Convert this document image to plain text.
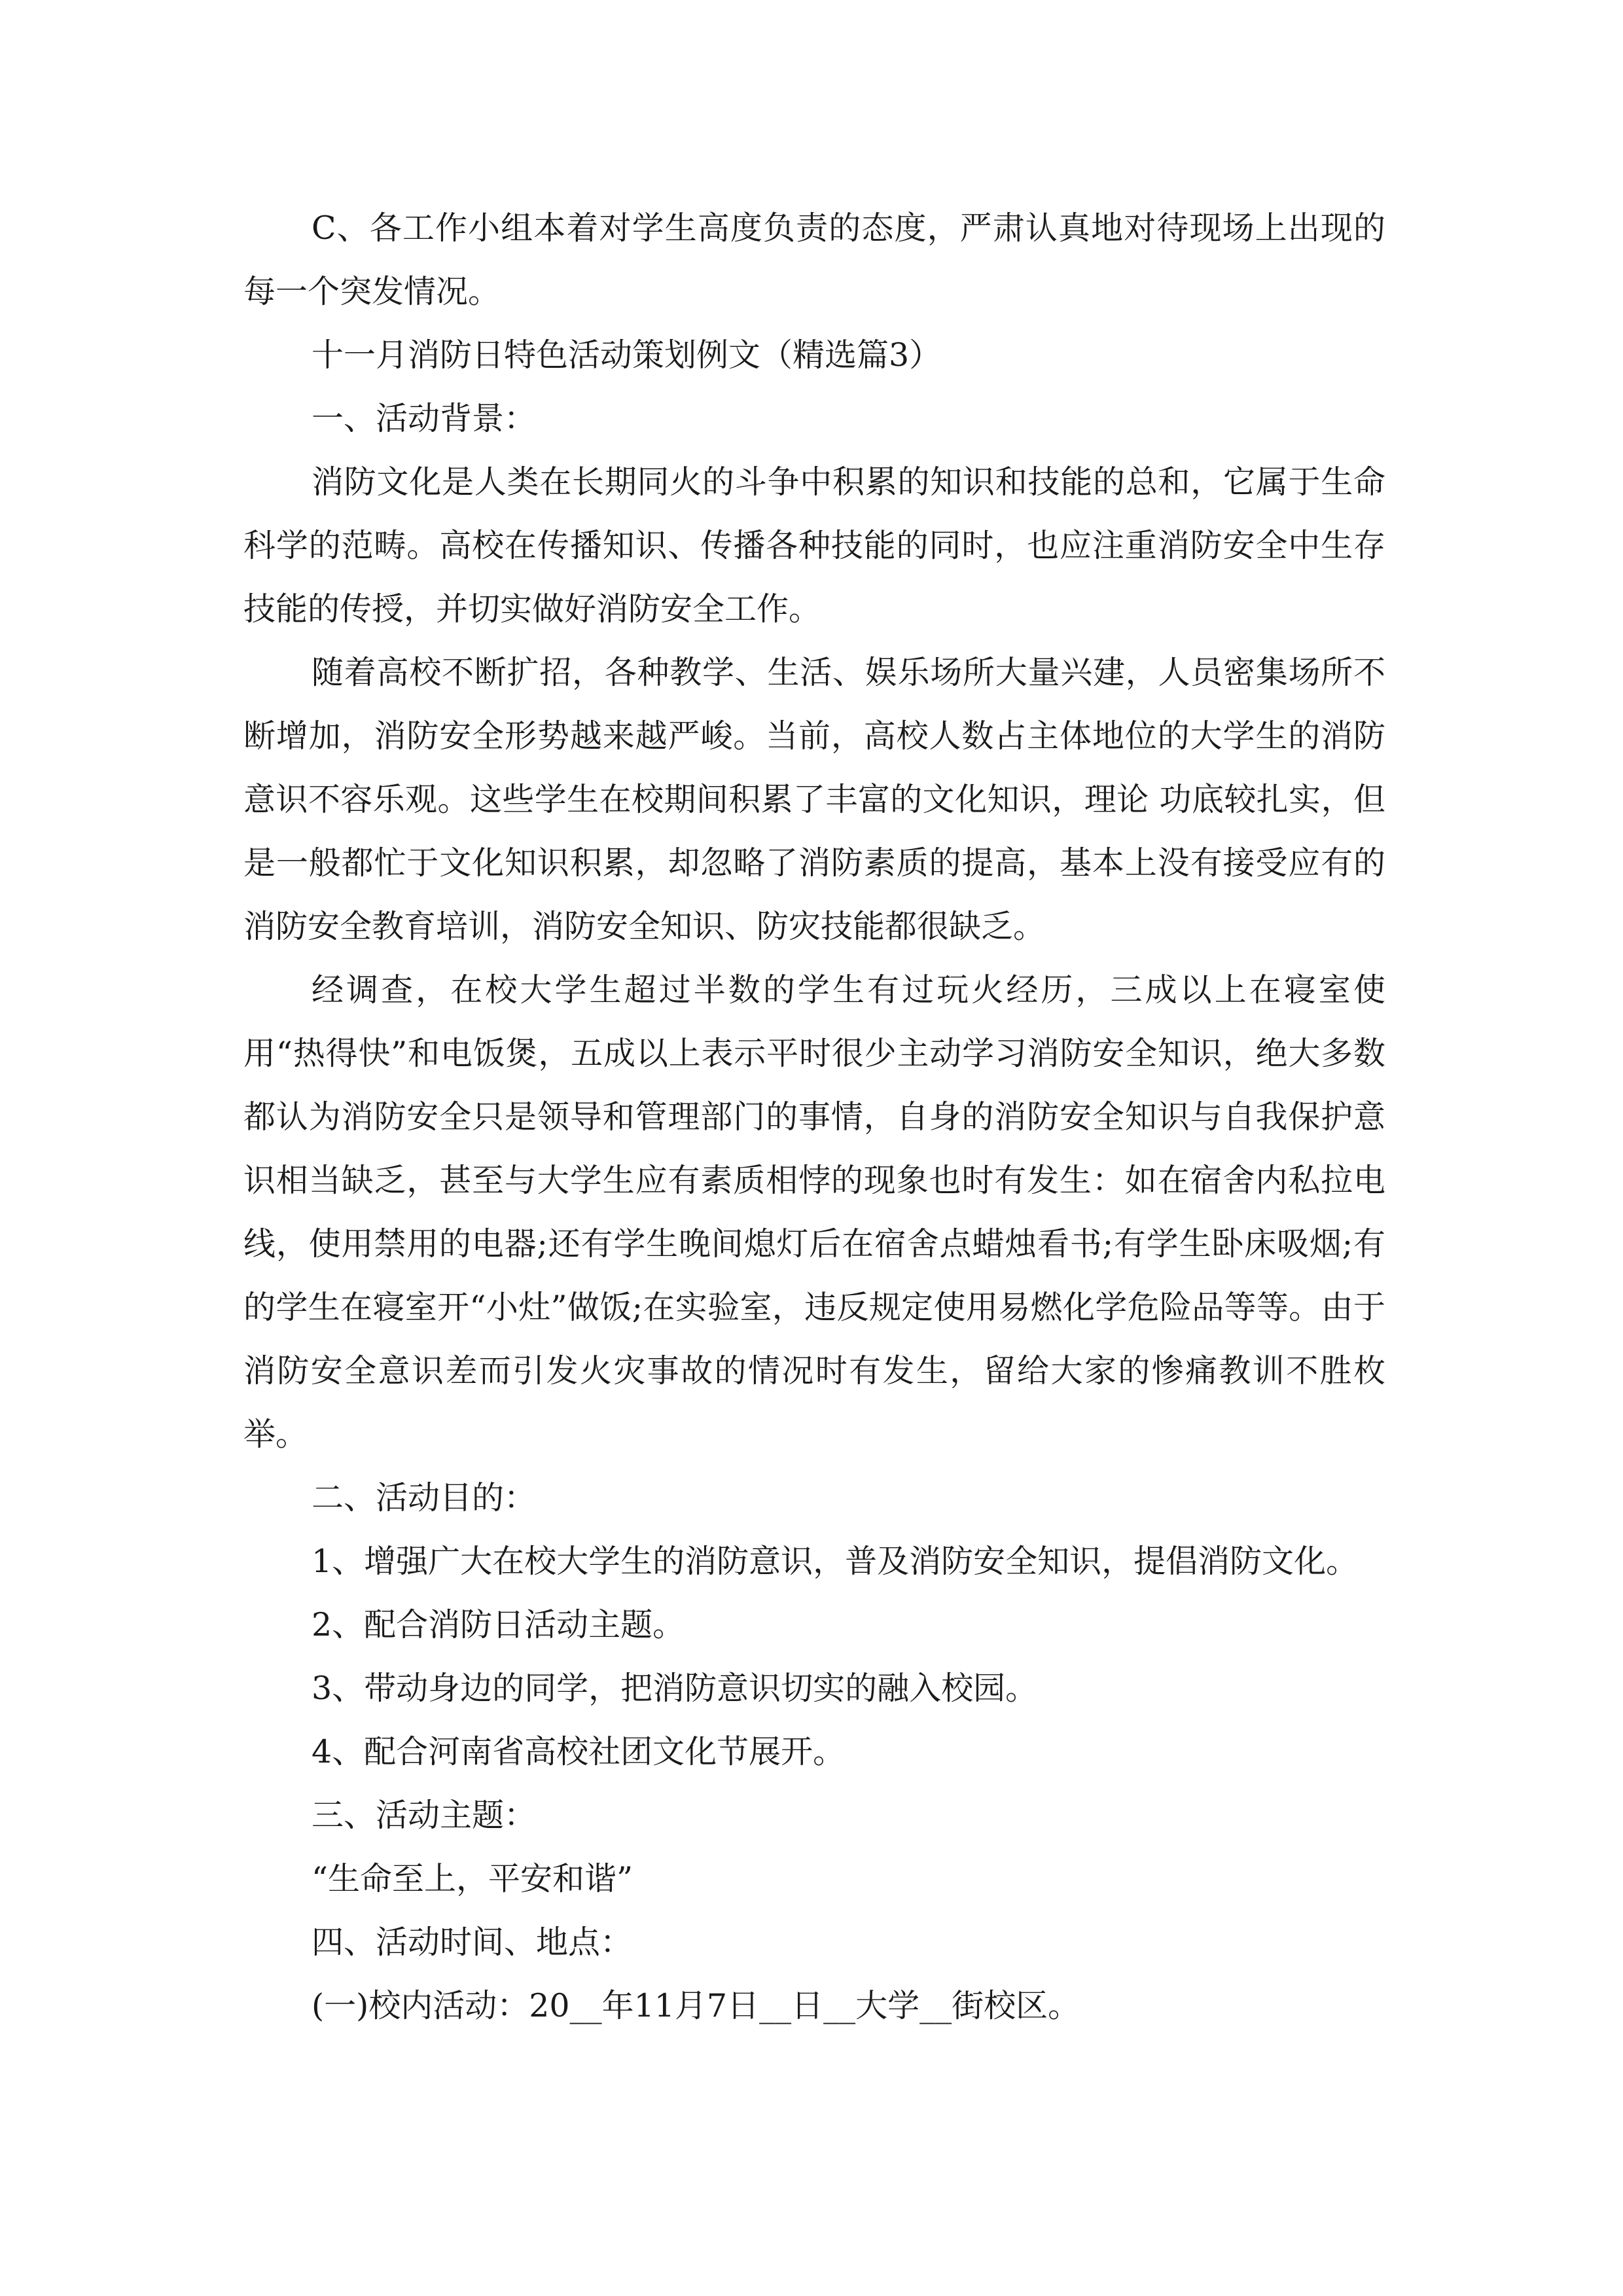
C、各工作小组本着对学生高度负责的态度，严肃认真地对待现场上出现的每一个突发情况。

十一月消防日特色活动策划例文（精选篇3）

一、活动背景：

消防文化是人类在长期同火的斗争中积累的知识和技能的总和，它属于生命科学的范畴。高校在传播知识、传播各种技能的同时，也应注重消防安全中生存技能的传授，并切实做好消防安全工作。

随着高校不断扩招，各种教学、生活、娱乐场所大量兴建，人员密集场所不断增加，消防安全形势越来越严峻。当前，高校人数占主体地位的大学生的消防意识不容乐观。这些学生在校期间积累了丰富的文化知识，理论 功底较扎实，但是一般都忙于文化知识积累，却忽略了消防素质的提高，基本上没有接受应有的消防安全教育培训，消防安全知识、防灾技能都很缺乏。

经调查，在校大学生超过半数的学生有过玩火经历，三成以上在寝室使用“热得快”和电饭煲，五成以上表示平时很少主动学习消防安全知识，绝大多数都认为消防安全只是领导和管理部门的事情，自身的消防安全知识与自我保护意识相当缺乏，甚至与大学生应有素质相悖的现象也时有发生：如在宿舍内私拉电线，使用禁用的电器;还有学生晚间熄灯后在宿舍点蜡烛看书;有学生卧床吸烟;有的学生在寝室开“小灶”做饭;在实验室，违反规定使用易燃化学危险品等等。由于消防安全意识差而引发火灾事故的情况时有发生，留给大家的惨痛教训不胜枚举。

二、活动目的：

1、增强广大在校大学生的消防意识，普及消防安全知识，提倡消防文化。

2、配合消防日活动主题。

3、带动身边的同学，把消防意识切实的融入校园。

4、配合河南省高校社团文化节展开。

三、活动主题：

“生命至上，平安和谐”

四、活动时间、地点：

(一)校内活动：20__年11月7日__日__大学__街校区。
